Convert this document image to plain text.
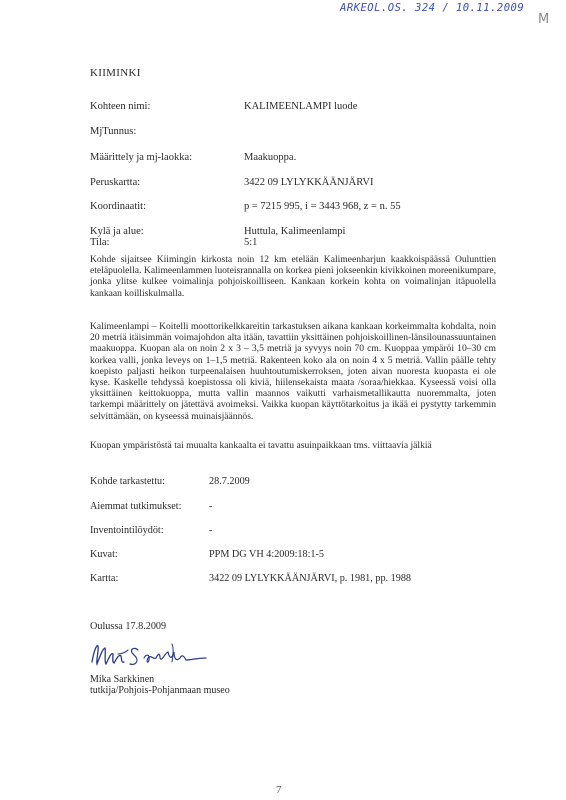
ARKEOL.OS. 324 / 10.11.2009
M
KIIMINKI
Kohteen nimi:	KALIMEENLAMPI luode
MjTunnus:
Määrittely ja mj-laokka:	Maakuoppa.
Peruskartta:	3422 09 LYLYKKÄÄNJÄRVI
Koordinaatit:	p = 7215 995, i = 3443 968, z = n. 55
Kylä ja alue:	Huttula, Kalimeenlampi
Tila:	5:1

Kohde sijaitsee Kiimingin kirkosta noin 12 km etelään Kalimeenharjun kaakkoispäässä Oulunttien eteläpuolella. Kalimeenlammen luoteisrannalla on korkea pieni jokseenkin kivikkoinen moreenikumpare, jonka ylitse kulkee voimalinja pohjoiskoilliseen. Kankaan korkein kohta on voimalinjan itäpuolella kankaan koilliskulmalla.

Kalimeenlampi – Koitelli moottorikelkkareitin tarkastuksen aikana kankaan korkeimmalta kohdalta, noin 20 metriä itäisimmän voimajohdon alta itään, tavattiin yksittäinen pohjoiskoillinen-länsilounassuuntainen maakuoppa. Kuopan ala on noin 2 x 3 – 3,5 metriä ja syvyys noin 70 cm. Kuoppaa ympäröi 10–30 cm korkea valli, jonka leveys on 1–1,5 metriä. Rakenteen koko ala on noin 4 x 5 metriä. Vallin päälle tehty koepisto paljasti heikon turpeenalaisen huuhtoutumiskerroksen, joten aivan nuoresta kuopasta ei ole kyse. Kaskelle tehdyssä koepistossa oli kiviä, hiilensekaista maata /soraa/hiekkaa. Kyseessä voisi olla yksittäinen keittokuoppa, mutta vallin maannos vaikutti varhaismetallikautta nuoremmalta, joten tarkempi määrittely on jätettävä avoimeksi. Vaikka kuopan käyttötarkoitus ja ikää ei pystytty tarkemmin selvittämään, on kyseessä muinaisjäännös.

Kuopan ympäristöstä tai muualta kankaalta ei tavattu asuinpaikkaan tms. viittaavia jälkiä

Kohde tarkastettu:	28.7.2009
Aiemmat tutkimukset:	-
Inventointilöydöt:	-
Kuvat:	PPM DG VH 4:2009:18:1-5
Kartta:	3422 09 LYLYKKÄÄNJÄRVI, p. 1981, pp. 1988
Oulussa 17.8.2009
Mika Sarkkinen
tutkija/Pohjois-Pohjanmaan museo
7
